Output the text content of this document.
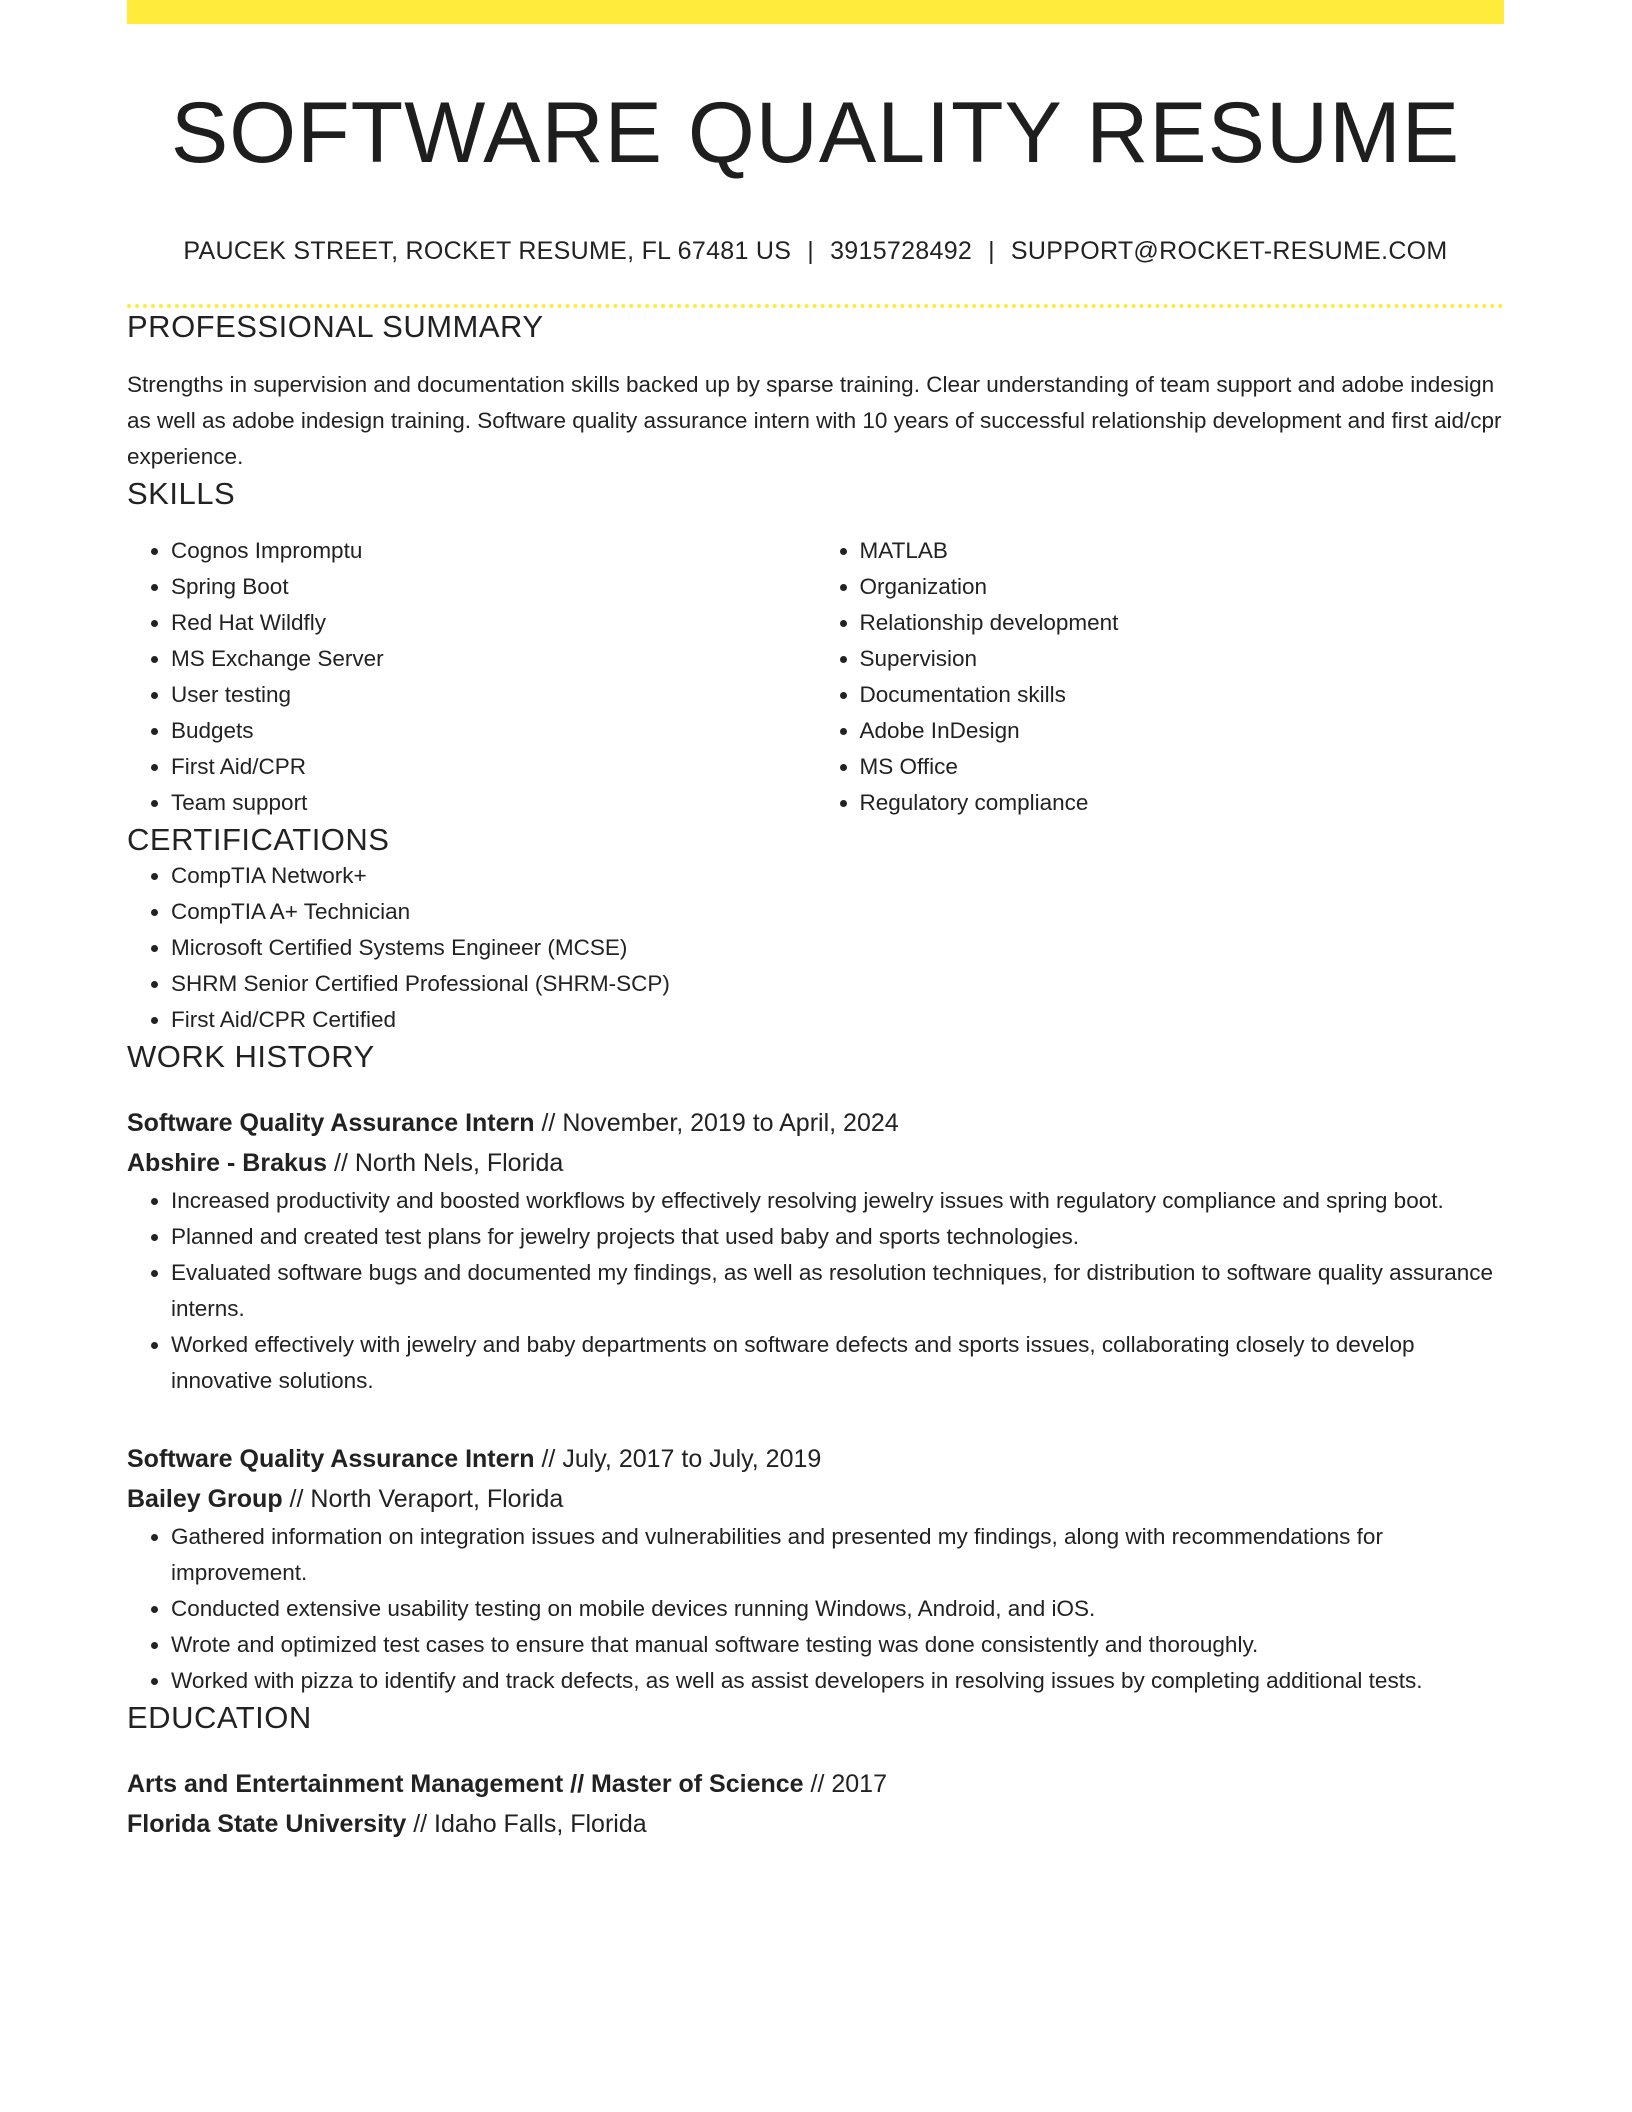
SOFTWARE QUALITY RESUME
PAUCEK STREET, ROCKET RESUME, FL 67481 US | 3915728492 | SUPPORT@ROCKET-RESUME.COM
PROFESSIONAL SUMMARY

Strengths in supervision and documentation skills backed up by sparse training. Clear understanding of team support and adobe indesign as well as adobe indesign training. Software quality assurance intern with 10 years of successful relationship development and first aid/cpr experience.

SKILLS
• Cognos Impromptu
• Spring Boot
• Red Hat Wildfly
• MS Exchange Server
• User testing
• Budgets
• First Aid/CPR
• Team support
• MATLAB
• Organization
• Relationship development
• Supervision
• Documentation skills
• Adobe InDesign
• MS Office
• Regulatory compliance
CERTIFICATIONS
• CompTIA Network+
• CompTIA A+ Technician
• Microsoft Certified Systems Engineer (MCSE)
• SHRM Senior Certified Professional (SHRM-SCP)
• First Aid/CPR Certified
WORK HISTORY
Software Quality Assurance Intern // November, 2019 to April, 2024
Abshire - Brakus // North Nels, Florida
• Increased productivity and boosted workflows by effectively resolving jewelry issues with regulatory compliance and spring boot.
• Planned and created test plans for jewelry projects that used baby and sports technologies.
• Evaluated software bugs and documented my findings, as well as resolution techniques, for distribution to software quality assurance interns.
• Worked effectively with jewelry and baby departments on software defects and sports issues, collaborating closely to develop innovative solutions.
Software Quality Assurance Intern // July, 2017 to July, 2019
Bailey Group // North Veraport, Florida
• Gathered information on integration issues and vulnerabilities and presented my findings, along with recommendations for improvement.
• Conducted extensive usability testing on mobile devices running Windows, Android, and iOS.
• Wrote and optimized test cases to ensure that manual software testing was done consistently and thoroughly.
• Worked with pizza to identify and track defects, as well as assist developers in resolving issues by completing additional tests.
EDUCATION
Arts and Entertainment Management // Master of Science // 2017
Florida State University // Idaho Falls, Florida
